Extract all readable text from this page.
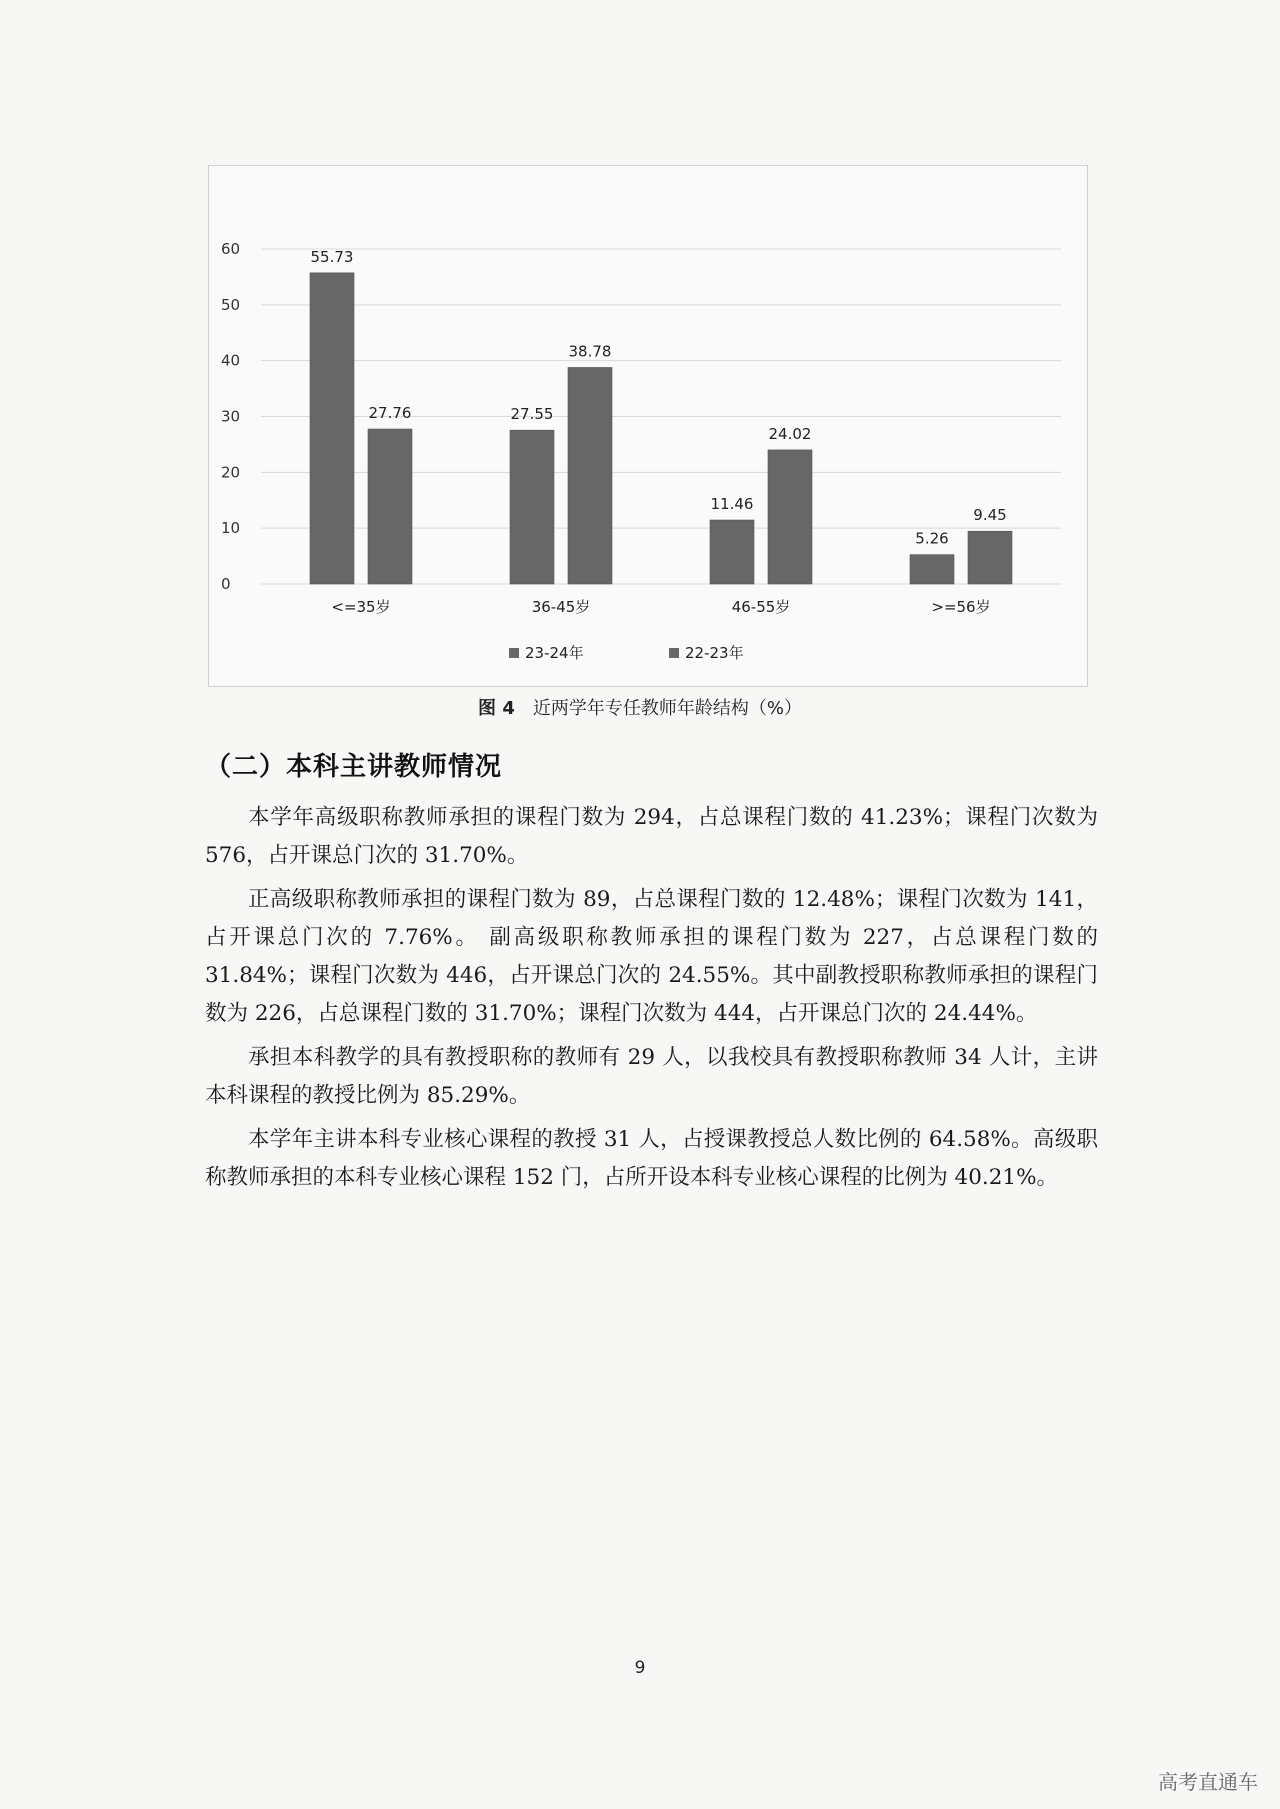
0
10
20
30
40
50
60	55.73
27.76
<=35岁
27.55
38.78
36-45岁
11.46
24.02
46-55岁
5.26
9.45
>=56岁
23-24年	22-23年
图 4 近两学年专任教师年龄结构（%）
（二）本科主讲教师情况

本学年高级职称教师承担的课程门数为 294，占总课程门数的 41.23%；课程门次数为 576，占开课总门次的 31.70%。

正高级职称教师承担的课程门数为 89，占总课程门数的 12.48%；课程门次数为 141，占开课总门次的 7.76%。 副高级职称教师承担的课程门数为 227，占总课程门数的 31.84%；课程门次数为 446，占开课总门次的 24.55%。其中副教授职称教师承担的课程门数为 226，占总课程门数的 31.70%；课程门次数为 444，占开课总门次的 24.44%。

承担本科教学的具有教授职称的教师有 29 人，以我校具有教授职称教师 34 人计，主讲本科课程的教授比例为 85.29%。

本学年主讲本科专业核心课程的教授 31 人，占授课教授总人数比例的 64.58%。高级职称教师承担的本科专业核心课程 152 门，占所开设本科专业核心课程的比例为 40.21%。

9
高考直通车
